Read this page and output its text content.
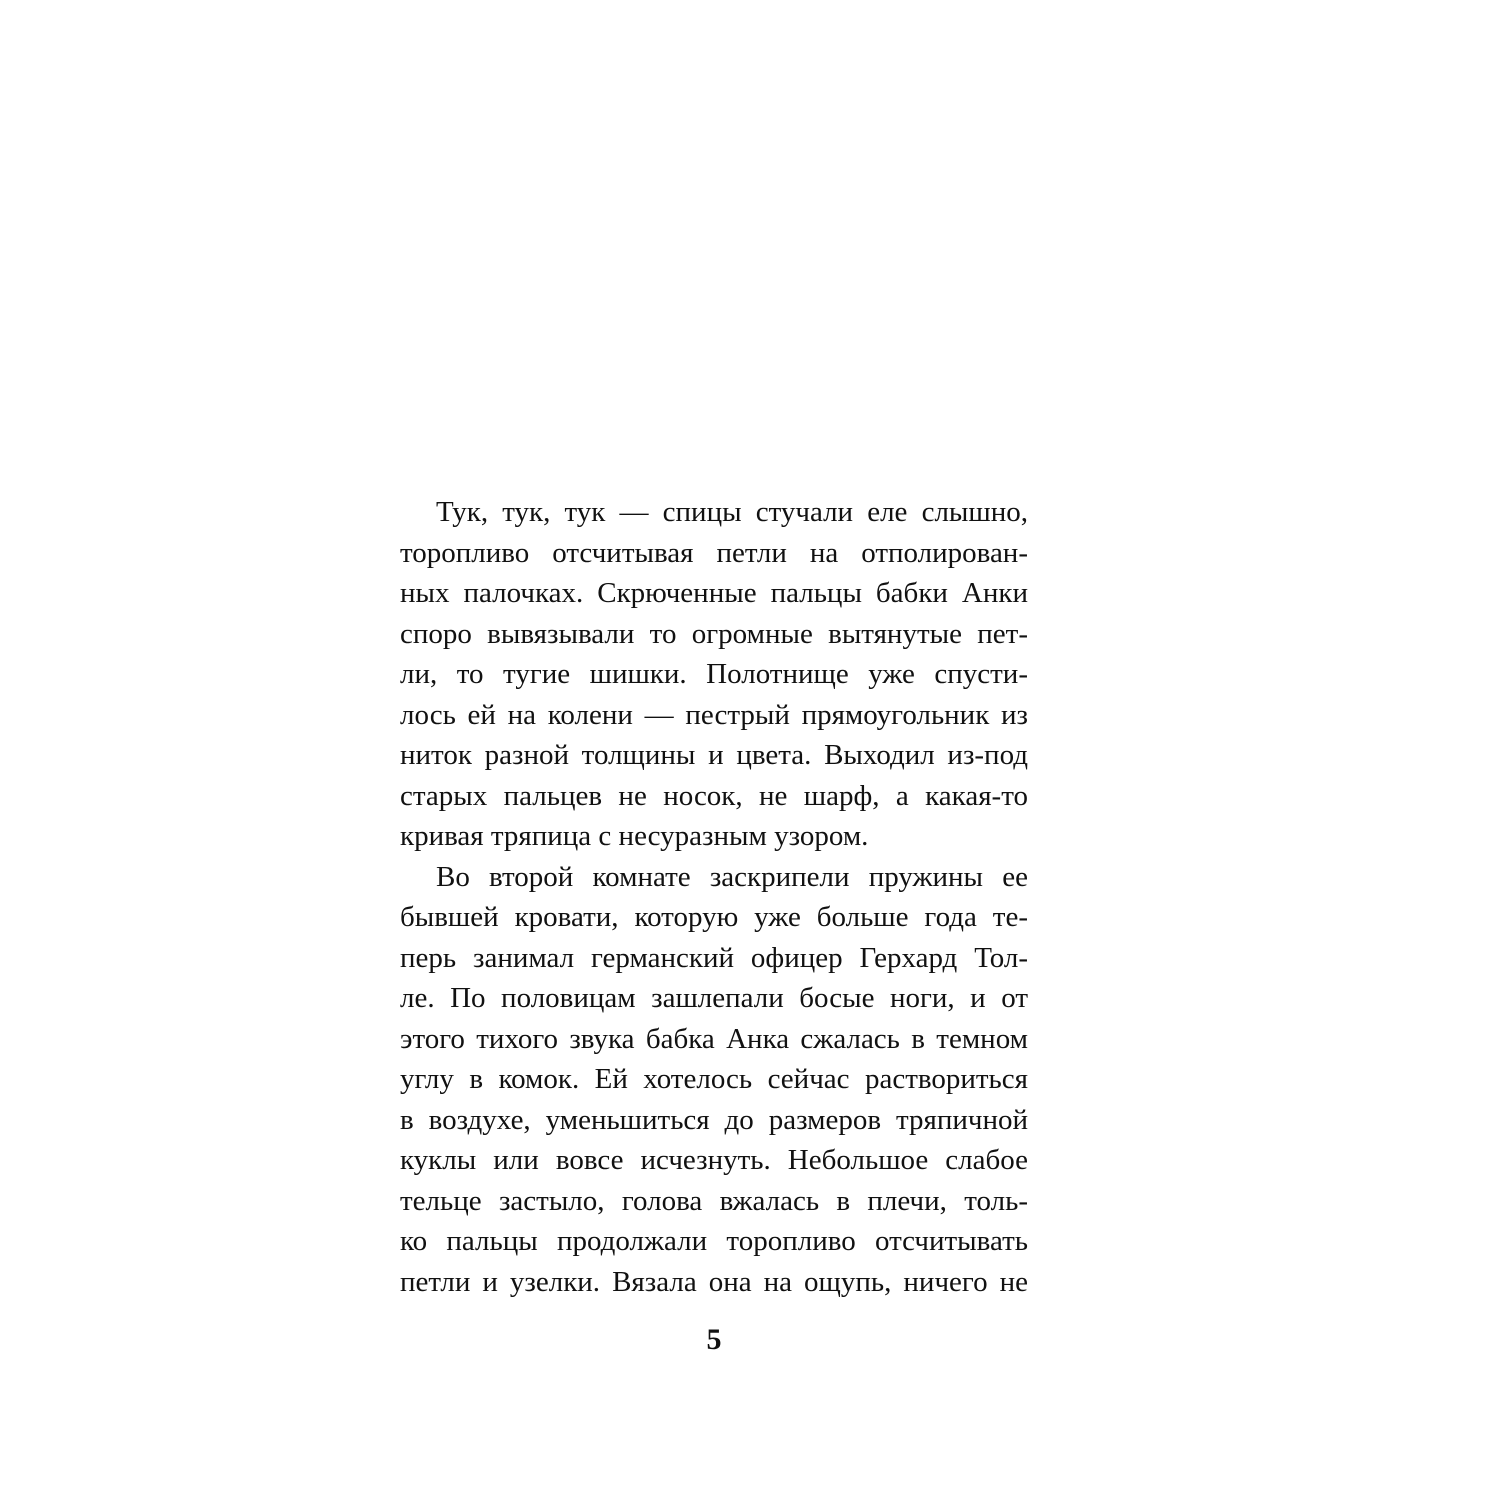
Тук, тук, тук — спицы стучали еле слышно,
торопливо отсчитывая петли на отполирован-
ных палочках. Скрюченные пальцы бабки Анки
споро вывязывали то огромные вытянутые пет-
ли, то тугие шишки. Полотнище уже спусти-
лось ей на колени — пестрый прямоугольник из
ниток разной толщины и цвета. Выходил из-под
старых пальцев не носок, не шарф, а какая-то
кривая тряпица с несуразным узором.
Во второй комнате заскрипели пружины ее
бывшей кровати, которую уже больше года те-
перь занимал германский офицер Герхард Тол-
ле. По половицам зашлепали босые ноги, и от
этого тихого звука бабка Анка сжалась в темном
углу в комок. Ей хотелось сейчас раствориться
в воздухе, уменьшиться до размеров тряпичной
куклы или вовсе исчезнуть. Небольшое слабое
тельце застыло, голова вжалась в плечи, толь-
ко пальцы продолжали торопливо отсчитывать
петли и узелки. Вязала она на ощупь, ничего не
5
